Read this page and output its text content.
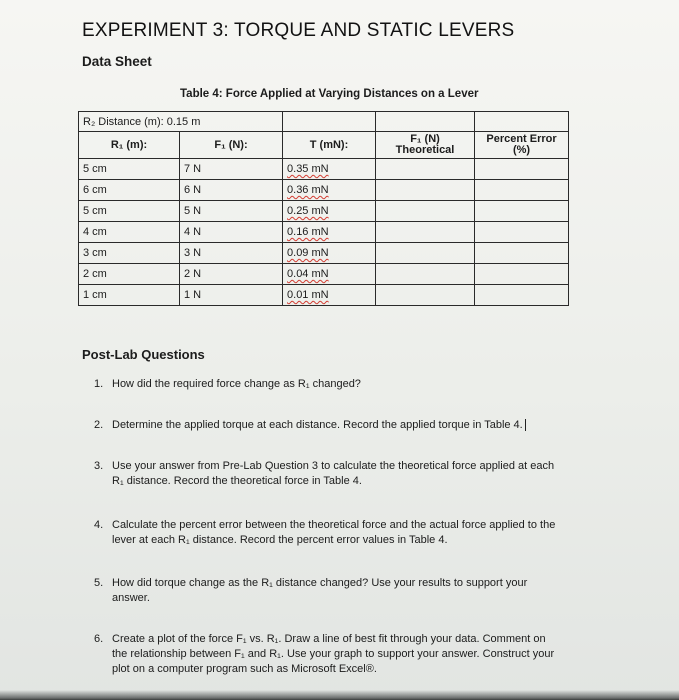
EXPERIMENT 3: TORQUE AND STATIC LEVERS
Data Sheet
Table 4: Force Applied at Varying Distances on a Lever
R₂ Distance (m): 0.15 m				
R₁ (m):	F₁ (N):	T (mN):	F₁ (N) Theoretical	Percent Error (%)
5 cm	7 N	0.35 mN		
6 cm	6 N	0.36 mN		
5 cm	5 N	0.25 mN		
4 cm	4 N	0.16 mN		
3 cm	3 N	0.09 mN		
2 cm	2 N	0.04 mN		
1 cm	1 N	0.01 mN		
Post-Lab Questions
1. How did the required force change as R₁ changed?
2. Determine the applied torque at each distance. Record the applied torque in Table 4.
3. Use your answer from Pre-Lab Question 3 to calculate the theoretical force applied at each R₁ distance. Record the theoretical force in Table 4.
4. Calculate the percent error between the theoretical force and the actual force applied to the lever at each R₁ distance. Record the percent error values in Table 4.
5. How did torque change as the R₁ distance changed? Use your results to support your answer.
6. Create a plot of the force F₁ vs. R₁. Draw a line of best fit through your data. Comment on the relationship between F₁ and R₁. Use your graph to support your answer. Construct your plot on a computer program such as Microsoft Excel®.
